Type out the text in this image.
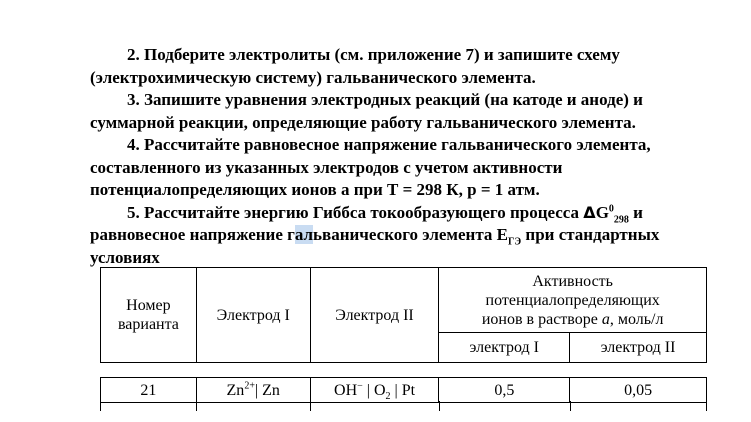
2. Подберите электролиты (см. приложение 7) и запишите схему (электрохимическую систему) гальванического элемента.

3. Запишите уравнения электродных реакций (на катоде и аноде) и суммарной реакции, определяющие работу гальванического элемента.

4. Рассчитайте равновесное напряжение гальванического элемента, составленного из указанных электродов с учетом активности потенциалопределяющих ионов а при Т = 298 К, р = 1 атм.

5. Рассчитайте энергию Гиббса токообразующего процесса $\Delta G^0_{298}$ и равновесное напряжение гальванического элемента $Е_{ГЭ}$ при стандартных условиях

Номер
варианта	Электрод I	Электрод II	Активность
потенциалопределяющих
ионов в растворе a, моль/л	
			электрод I	электрод II
21	$Zn^{2+}|$ Zn	OH− | $O_2$ | Pt	0,5	0,05
